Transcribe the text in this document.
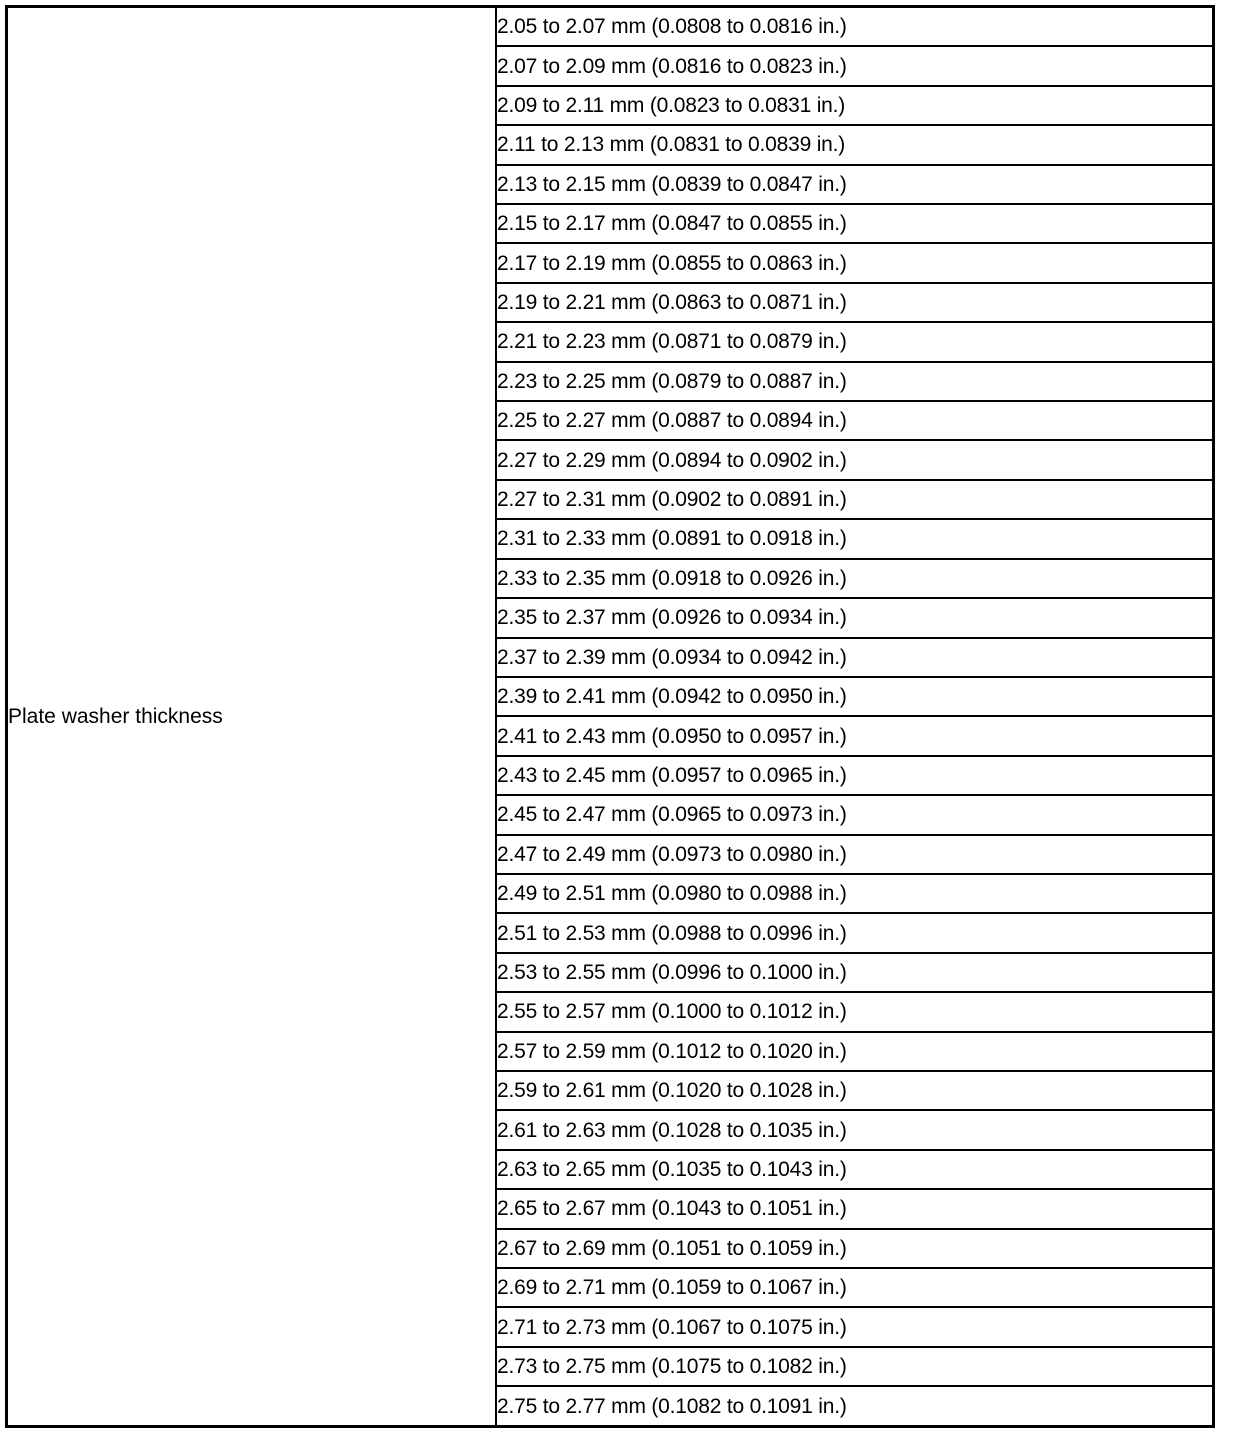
Plate washer thickness	2.05 to 2.07 mm (0.0808 to 0.0816 in.)
2.07 to 2.09 mm (0.0816 to 0.0823 in.)
2.09 to 2.11 mm (0.0823 to 0.0831 in.)
2.11 to 2.13 mm (0.0831 to 0.0839 in.)
2.13 to 2.15 mm (0.0839 to 0.0847 in.)
2.15 to 2.17 mm (0.0847 to 0.0855 in.)
2.17 to 2.19 mm (0.0855 to 0.0863 in.)
2.19 to 2.21 mm (0.0863 to 0.0871 in.)
2.21 to 2.23 mm (0.0871 to 0.0879 in.)
2.23 to 2.25 mm (0.0879 to 0.0887 in.)
2.25 to 2.27 mm (0.0887 to 0.0894 in.)
2.27 to 2.29 mm (0.0894 to 0.0902 in.)
2.27 to 2.31 mm (0.0902 to 0.0891 in.)
2.31 to 2.33 mm (0.0891 to 0.0918 in.)
2.33 to 2.35 mm (0.0918 to 0.0926 in.)
2.35 to 2.37 mm (0.0926 to 0.0934 in.)
2.37 to 2.39 mm (0.0934 to 0.0942 in.)
2.39 to 2.41 mm (0.0942 to 0.0950 in.)
2.41 to 2.43 mm (0.0950 to 0.0957 in.)
2.43 to 2.45 mm (0.0957 to 0.0965 in.)
2.45 to 2.47 mm (0.0965 to 0.0973 in.)
2.47 to 2.49 mm (0.0973 to 0.0980 in.)
2.49 to 2.51 mm (0.0980 to 0.0988 in.)
2.51 to 2.53 mm (0.0988 to 0.0996 in.)
2.53 to 2.55 mm (0.0996 to 0.1000 in.)
2.55 to 2.57 mm (0.1000 to 0.1012 in.)
2.57 to 2.59 mm (0.1012 to 0.1020 in.)
2.59 to 2.61 mm (0.1020 to 0.1028 in.)
2.61 to 2.63 mm (0.1028 to 0.1035 in.)
2.63 to 2.65 mm (0.1035 to 0.1043 in.)
2.65 to 2.67 mm (0.1043 to 0.1051 in.)
2.67 to 2.69 mm (0.1051 to 0.1059 in.)
2.69 to 2.71 mm (0.1059 to 0.1067 in.)
2.71 to 2.73 mm (0.1067 to 0.1075 in.)
2.73 to 2.75 mm (0.1075 to 0.1082 in.)
2.75 to 2.77 mm (0.1082 to 0.1091 in.)
